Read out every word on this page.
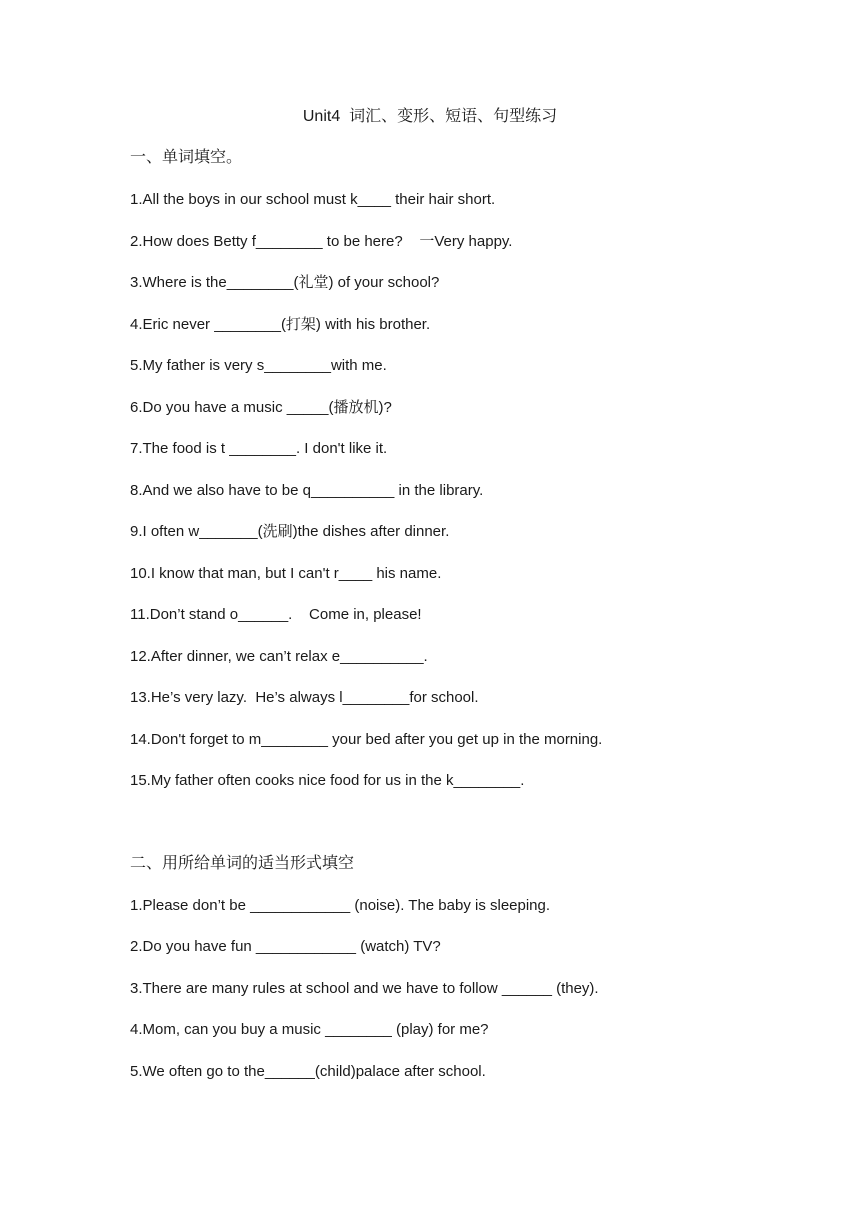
Unit4  词汇、变形、短语、句型练习
一、单词填空。
1.All the boys in our school must k____ their hair short.
2.How does Betty f________ to be here?    一Very happy.
3.Where is the________(礼堂) of your school?
4.Eric never ________(打架) with his brother.
5.My father is very s________with me.
6.Do you have a music _____(播放机)?
7.The food is t ________. I don't like it.
8.And we also have to be q__________ in the library.
9.I often w_______(洗刷)the dishes after dinner.
10.I know that man, but I can't r____ his name.
11.Don’t stand o______.    Come in, please!
12.After dinner, we can’t relax e__________.
13.He’s very lazy.  He’s always l________for school.
14.Don't forget to m________ your bed after you get up in the morning.
15.My father often cooks nice food for us in the k________.
二、用所给单词的适当形式填空
1.Please don’t be ____________ (noise). The baby is sleeping.
2.Do you have fun ____________ (watch) TV?
3.There are many rules at school and we have to follow ______ (they).
4.Mom, can you buy a music ________ (play) for me?
5.We often go to the______(child)palace after school.
